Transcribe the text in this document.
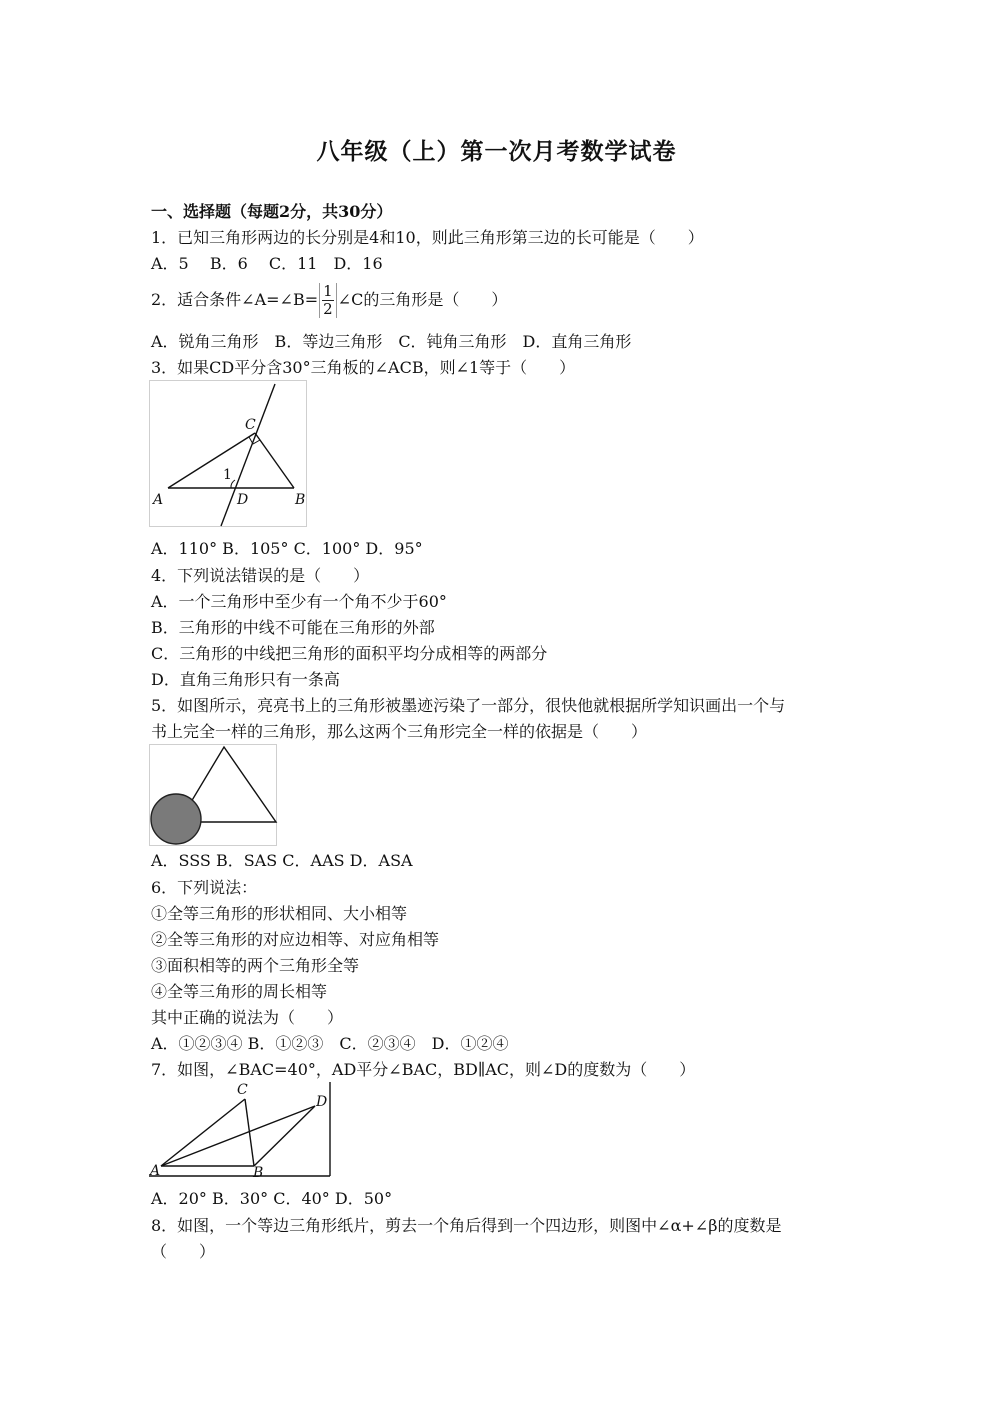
八年级（上）第一次月考数学试卷
一、选择题（每题2分，共30分）
1．已知三角形两边的长分别是4和10，则此三角形第三边的长可能是（　　）
A．5　 B．6　 C．11　D．16
2．适合条件∠A=∠B= $\frac{1}{2}$ ∠C的三角形是（　　）
A．锐角三角形　B．等边三角形　C．钝角三角形　D．直角三角形
3．如果CD平分含30°三角板的∠ACB，则∠1等于（　　）
A	B
C
D
1
A．110° B．105° C．100° D．95°
4．下列说法错误的是（　　）
A．一个三角形中至少有一个角不少于60°
B．三角形的中线不可能在三角形的外部
C．三角形的中线把三角形的面积平均分成相等的两部分
D．直角三角形只有一条高
5．如图所示，亮亮书上的三角形被墨迹污染了一部分，很快他就根据所学知识画出一个与
书上完全一样的三角形，那么这两个三角形完全一样的依据是（　　）
A．SSS B．SAS C．AAS D．ASA
6．下列说法：
①全等三角形的形状相同、大小相等
②全等三角形的对应边相等、对应角相等
③面积相等的两个三角形全等
④全等三角形的周长相等
其中正确的说法为（　　）
A．①②③④ B．①②③　C．②③④　D．①②④
7．如图，∠BAC=40°，AD平分∠BAC，BD∥AC，则∠D的度数为（　　）
A	B
C
D
A．20° B．30° C．40° D．50°
8．如图，一个等边三角形纸片，剪去一个角后得到一个四边形，则图中∠α+∠β的度数是
（　　）
